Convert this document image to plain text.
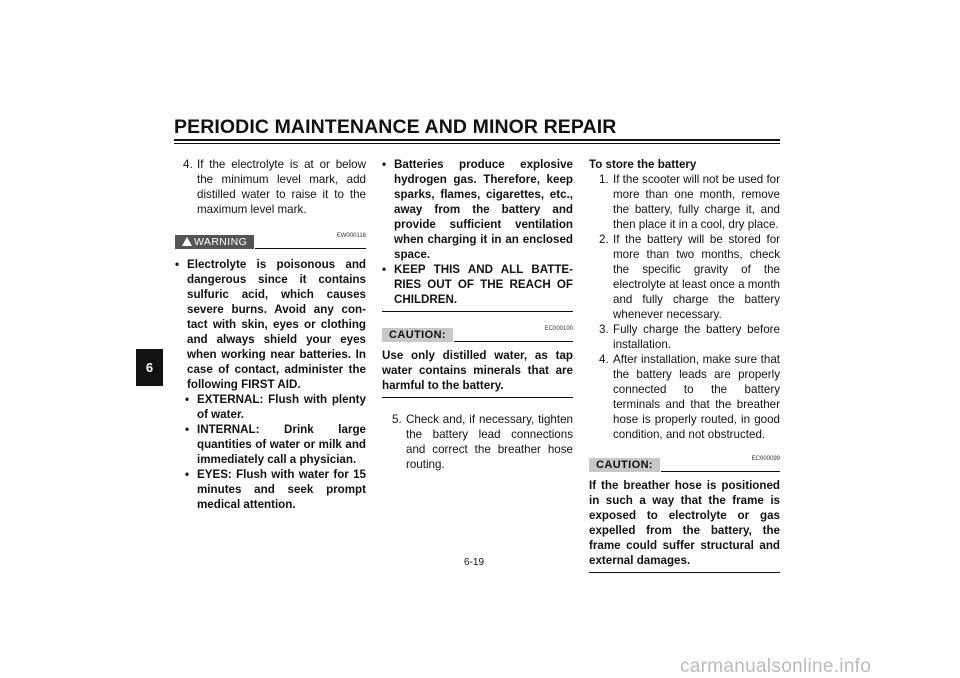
PERIODIC MAINTENANCE AND MINOR REPAIR
6
4. If the electrolyte is at or below the minimum level mark, add distilled water to raise it to the maximum level mark.
WARNING	EW000116
• Electrolyte is poisonous and dangerous since it contains sulfuric acid, which causes severe burns. Avoid any con-tact with skin, eyes or clothing and always shield your eyes when working near batteries. In case of contact, administer the following FIRST AID.
• EXTERNAL: Flush with plenty of water.
• INTERNAL: Drink large quantities of water or milk and immediately call a physician.
• EYES: Flush with water for 15 minutes and seek prompt medical attention.
• Batteries produce explosive hydrogen gas. Therefore, keep sparks, flames, cigarettes, etc., away from the battery and provide sufficient ventilation when charging it in an enclosed space.
• KEEP THIS AND ALL BATTE-RIES OUT OF THE REACH OF CHILDREN.
CAUTION:	EC000100

Use only distilled water, as tap water contains minerals that are harmful to the battery.

5. Check and, if necessary, tighten the battery lead connections and correct the breather hose routing.
To store the battery
1. If the scooter will not be used for more than one month, remove the battery, fully charge it, and then place it in a cool, dry place.
2. If the battery will be stored for more than two months, check the specific gravity of the electrolyte at least once a month and fully charge the battery whenever necessary.
3. Fully charge the battery before installation.
4. After installation, make sure that the battery leads are properly connected to the battery terminals and that the breather hose is properly routed, in good condition, and not obstructed.
CAUTION:	EC000099

If the breather hose is positioned in such a way that the frame is exposed to electrolyte or gas expelled from the battery, the frame could suffer structural and external damages.

6-19
carmanualsonline.info
